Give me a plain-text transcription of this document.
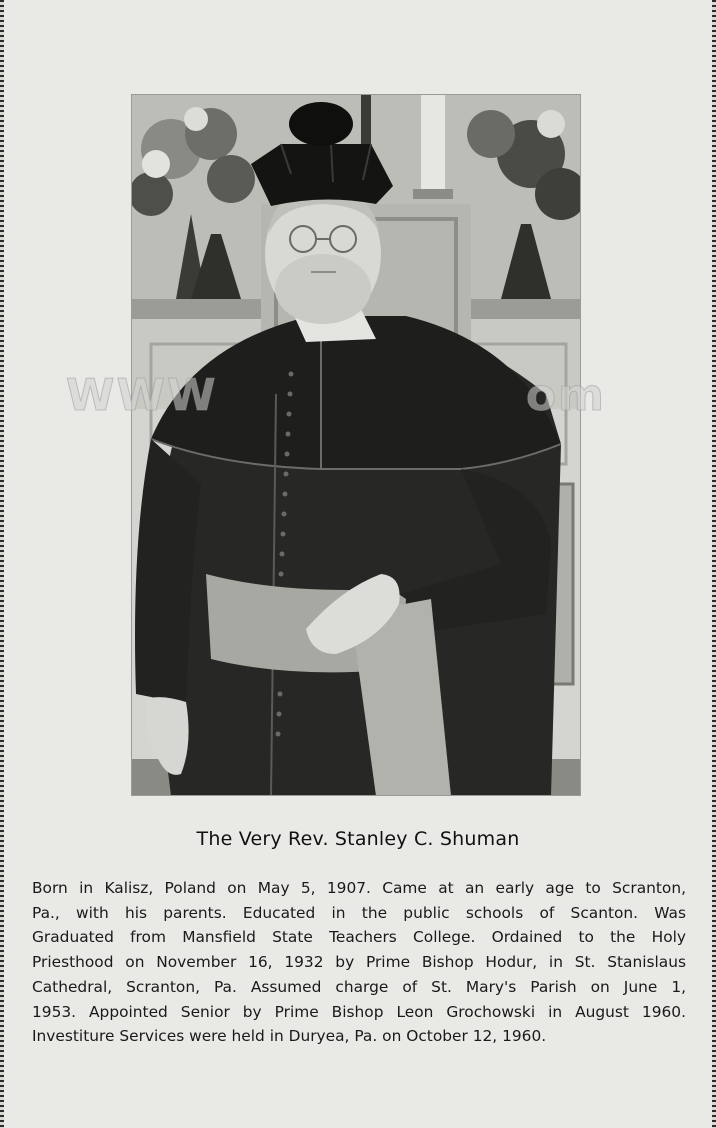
WWW	om
The Very Rev. Stanley C. Shuman
Born in Kalisz, Poland on May 5, 1907. Came at an early age to Scranton,
Pa., with his parents. Educated in the public schools of Scanton. Was
Graduated from Mansfield State Teachers College. Ordained to the Holy
Priesthood on November 16, 1932 by Prime Bishop Hodur, in St. Stanislaus
Cathedral, Scranton, Pa. Assumed charge of St. Mary's Parish on June 1,
1953. Appointed Senior by Prime Bishop Leon Grochowski in August 1960.
Investiture Services were held in Duryea, Pa. on October 12, 1960.
